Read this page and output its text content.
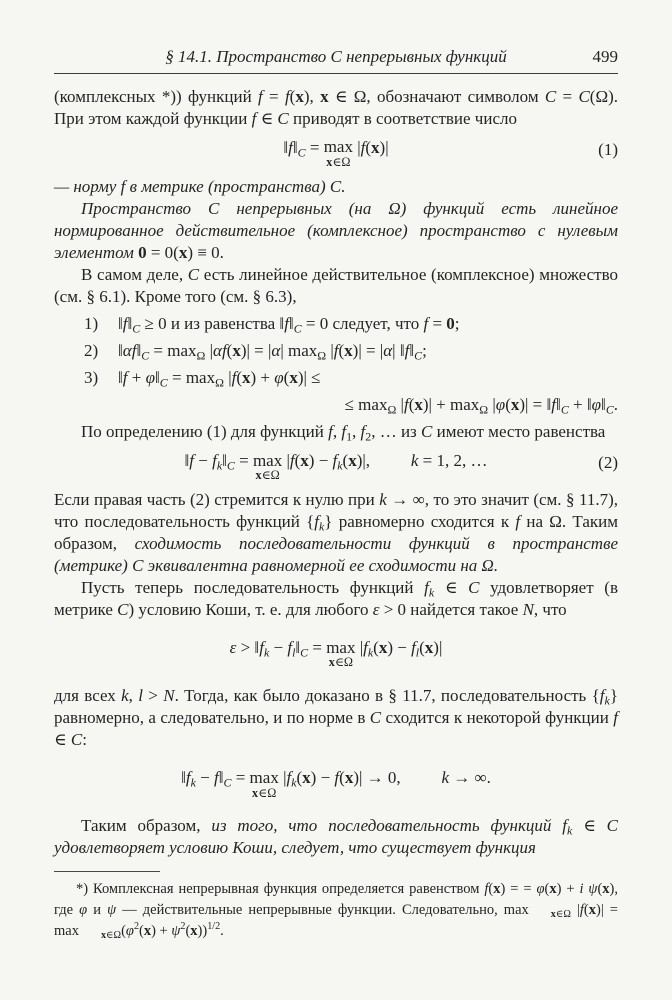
§ 14.1. Пространство C непрерывных функций	499

(комплексных *)) функций f = f(x), x ∈ Ω, обозначают символом C = C(Ω). При этом каждой функции f ∈ C приводят в соответствие число

$‖f‖_C = \max$
x∈Ω
|f(x)|	(1)

— норму f в метрике (пространства) C.

Пространство C непрерывных (на Ω) функций есть линейное нормированное действительное (комплексное) пространство с нулевым элементом 0 = 0(x) ≡ 0.

В самом деле, C есть линейное действительное (комплексное) множество (см. § 6.1). Кроме того (см. § 6.3),

1)	$‖f‖_C \ge 0$ и из равенства $‖f‖_C = 0$ следует, что f = 0;
2)	$‖\alpha f‖_C = \max_\Omega |\alpha f(x)| = |\alpha|$ $\max_\Omega |f(x)| = |\alpha|$ $‖f‖_C$;
3)	‖f + $\varphi‖_C = \max_\Omega |f(x) + \varphi(x)|$ ≤
≤ $\max_\Omega |f(x)| + \max_\Omega |\varphi(x)|$ = $‖f‖_C$ + $‖\varphi‖_C$.

По определению (1) для функций f, $f_1$, $f_2$, … из C имеют место равенства

‖f − $f_k‖_C = \max$
x∈Ω
$|f(x) - f_k(x)|$, k = 1, 2, …	(2)

Если правая часть (2) стремится к нулю при k → ∞, то это значит (см. § 11.7), что последовательность функций $\{f_k\}$ равномерно сходится к f на Ω. Таким образом, сходимость последовательности функций в пространстве (метрике) C эквивалентна равномерной ее сходимости на Ω.

Пусть теперь последовательность функций $f_k$ ∈ C удовлетворяет (в метрике C) условию Коши, т. е. для любого ε > 0 найдется такое N, что

$\varepsilon > ‖f_k$ − $f_l‖_C = \max$
x∈Ω
$|f_k(x) - f_l(x)|$

для всех k, l > N. Тогда, как было доказано в § 11.7, последовательность $\{f_k\}$ равномерно, а следовательно, и по норме в C сходится к некоторой функции f ∈ C:

$‖f_k$ − $f‖_C = \max$
x∈Ω
$|f_k(x) - f(x)| \to 0$, k → ∞.

Таким образом, из того, что последовательность функций $f_k$ ∈ C удовлетворяет условию Коши, следует, что существует функция

*) Комплексная непрерывная функция определяется равенством f(x) = = φ(x) + i ψ(x), где φ и ψ — действительные непрерывные функции. Следовательно, max $_{x\in\Omega}$ $|f(x)| = \max _{x\in\Omega}(\varphi^2(x) + \psi^2(x))^{1/2}$.
